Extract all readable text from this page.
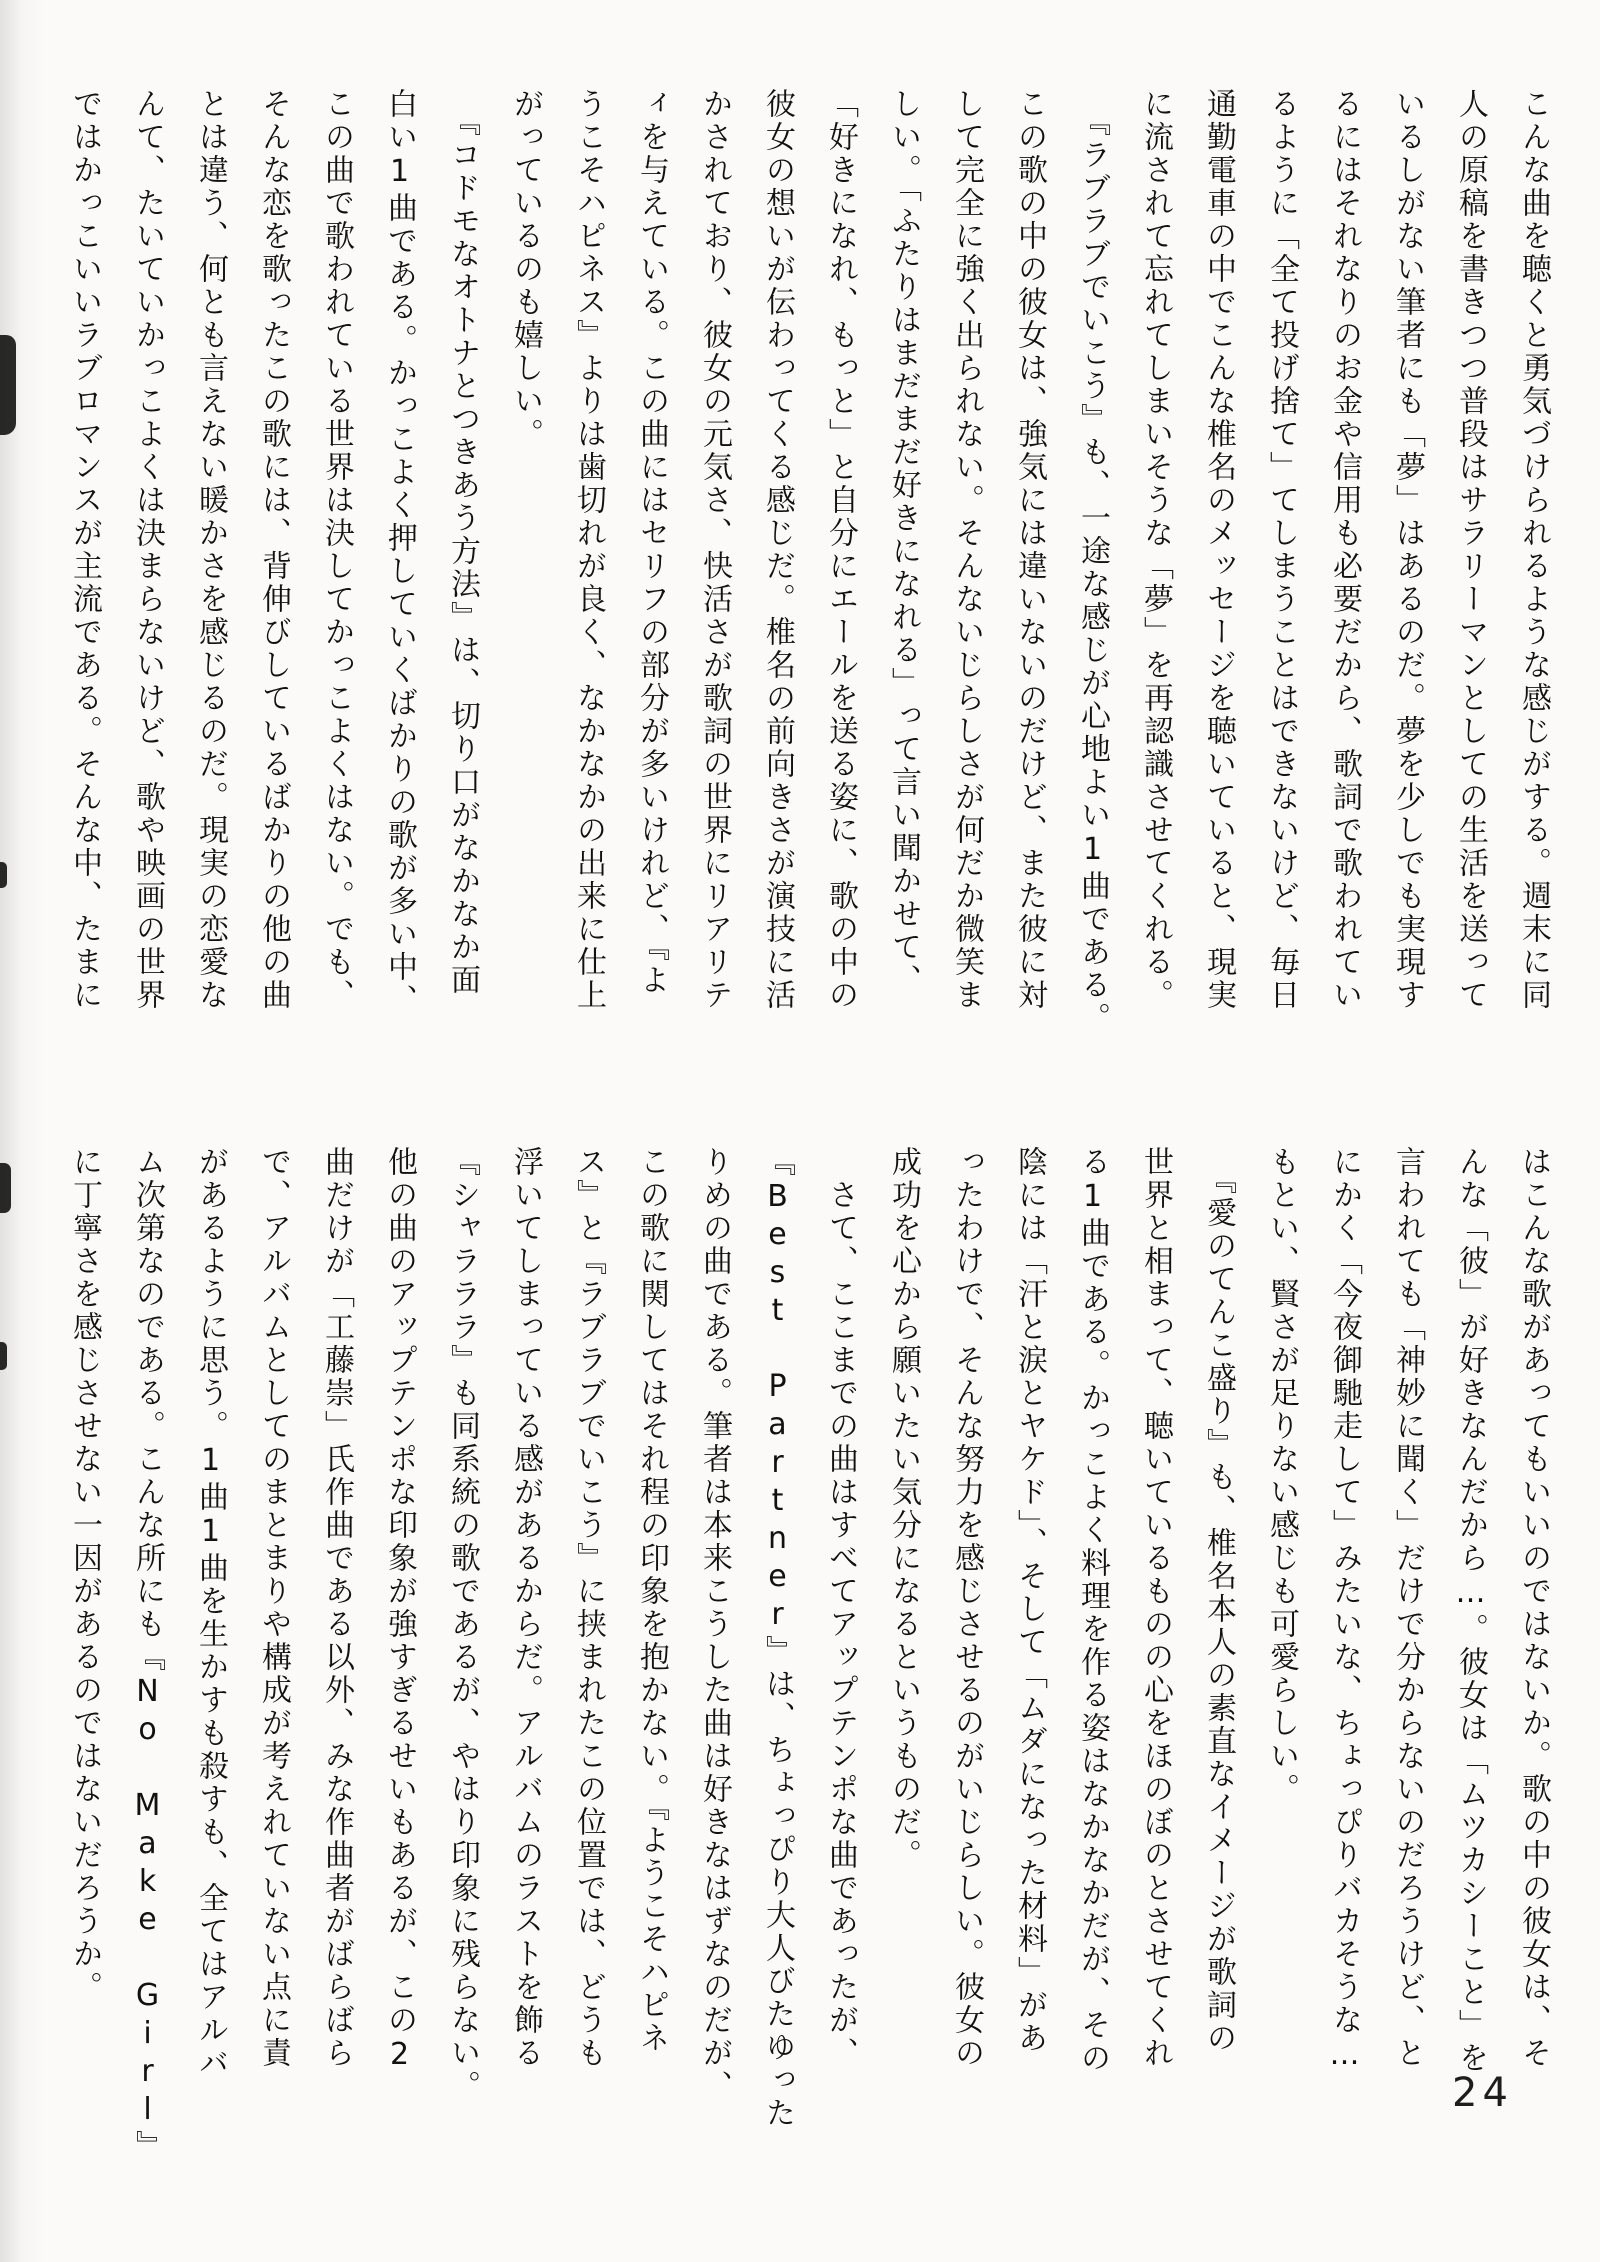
こんな曲を聴くと勇気づけられるような感じがする。週末に同
人の原稿を書きつつ普段はサラリーマンとしての生活を送って
いるしがない筆者にも「夢」はあるのだ。夢を少しでも実現す
るにはそれなりのお金や信用も必要だから、歌詞で歌われてい
るように「全て投げ捨て」てしまうことはできないけど、毎日
通勤電車の中でこんな椎名のメッセージを聴いていると、現実
に流されて忘れてしまいそうな「夢」を再認識させてくれる。
　『ラブラブでいこう』も、一途な感じが心地よい1曲である。
この歌の中の彼女は、強気には違いないのだけど、また彼に対
して完全に強く出られない。そんないじらしさが何だか微笑ま
しい。「ふたりはまだまだ好きになれる」って言い聞かせて、
「好きになれ、もっと」と自分にエールを送る姿に、歌の中の
彼女の想いが伝わってくる感じだ。椎名の前向きさが演技に活
かされており、彼女の元気さ、快活さが歌詞の世界にリアリテ
ィを与えている。この曲にはセリフの部分が多いけれど、『よ
うこそハピネス』よりは歯切れが良く、なかなかの出来に仕上
がっているのも嬉しい。
　『コドモなオトナとつきあう方法』は、切り口がなかなか面
白い1曲である。かっこよく押していくばかりの歌が多い中、
この曲で歌われている世界は決してかっこよくはない。でも、
そんな恋を歌ったこの歌には、背伸びしているばかりの他の曲
とは違う、何とも言えない暖かさを感じるのだ。現実の恋愛な
んて、たいていかっこよくは決まらないけど、歌や映画の世界
ではかっこいいラブロマンスが主流である。そんな中、たまに
はこんな歌があってもいいのではないか。歌の中の彼女は、そ
んな「彼」が好きなんだから…。彼女は「ムツカシーこと」を
言われても「神妙に聞く」だけで分からないのだろうけど、と
にかく「今夜御馳走して」みたいな、ちょっぴりバカそうな…
もとい、賢さが足りない感じも可愛らしい。
　『愛のてんこ盛り』も、椎名本人の素直なイメージが歌詞の
世界と相まって、聴いているものの心をほのぼのとさせてくれ
る1曲である。かっこよく料理を作る姿はなかなかだが、その
陰には「汗と涙とヤケド」、そして「ムダになった材料」があ
ったわけで、そんな努力を感じさせるのがいじらしい。彼女の
成功を心から願いたい気分になるというものだ。
　さて、ここまでの曲はすべてアップテンポな曲であったが、
『Best Partner』は、ちょっぴり大人びたゆった
りめの曲である。筆者は本来こうした曲は好きなはずなのだが、
この歌に関してはそれ程の印象を抱かない。『ようこそハピネ
ス』と『ラブラブでいこう』に挟まれたこの位置では、どうも
浮いてしまっている感があるからだ。アルバムのラストを飾る
『シャラララ』も同系統の歌であるが、やはり印象に残らない。
他の曲のアップテンポな印象が強すぎるせいもあるが、この2
曲だけが「工藤崇」氏作曲である以外、みな作曲者がばらばら
で、アルバムとしてのまとまりや構成が考えれていない点に責
があるように思う。1曲1曲を生かすも殺すも、全てはアルバ
ム次第なのである。こんな所にも『No Make Girl』
に丁寧さを感じさせない一因があるのではないだろうか。
24
